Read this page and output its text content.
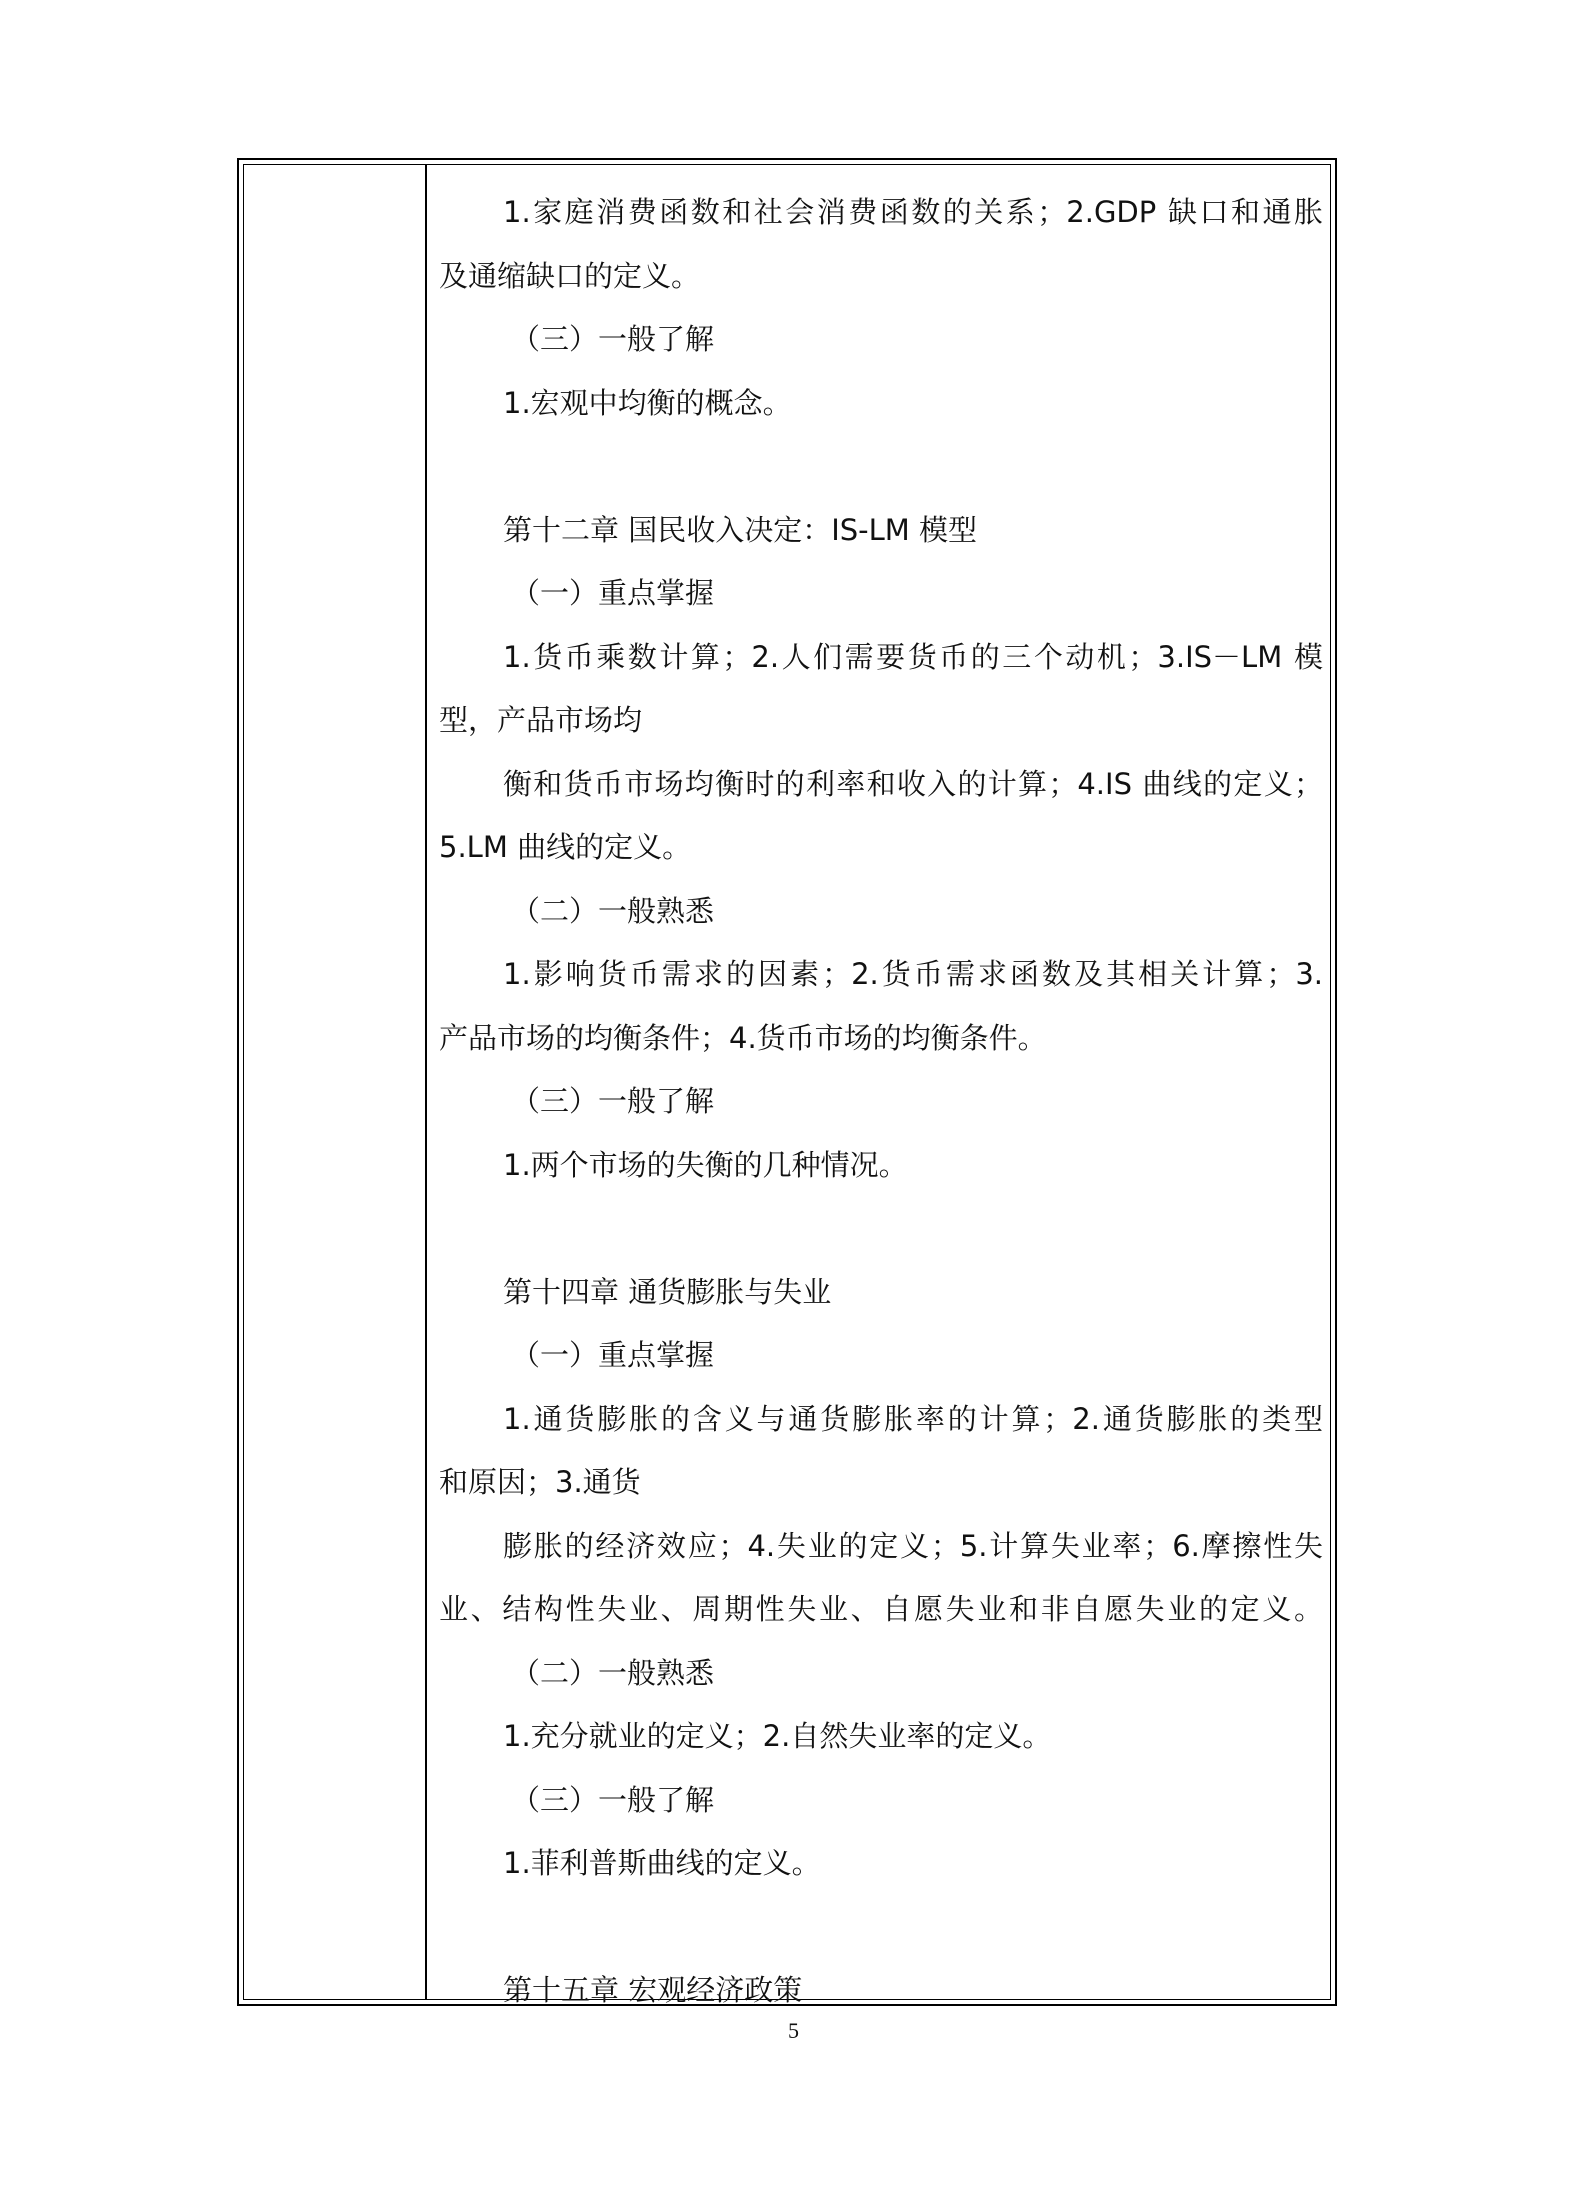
1.家庭消费函数和社会消费函数的关系；2.GDP 缺口和通胀
及通缩缺口的定义。
（三）一般了解
1.宏观中均衡的概念。
第十二章 国民收入决定：IS-LM 模型
（一）重点掌握
1.货币乘数计算；2.人们需要货币的三个动机；3.IS－LM 模
型，产品市场均
衡和货币市场均衡时的利率和收入的计算；4.IS 曲线的定义；
5.LM 曲线的定义。
（二）一般熟悉
1.影响货币需求的因素；2.货币需求函数及其相关计算；3.
产品市场的均衡条件；4.货币市场的均衡条件。
（三）一般了解
1.两个市场的失衡的几种情况。
第十四章 通货膨胀与失业
（一）重点掌握
1.通货膨胀的含义与通货膨胀率的计算；2.通货膨胀的类型
和原因；3.通货
膨胀的经济效应；4.失业的定义；5.计算失业率；6.摩擦性失
业、结构性失业、周期性失业、自愿失业和非自愿失业的定义。
（二）一般熟悉
1.充分就业的定义；2.自然失业率的定义。
（三）一般了解
1.菲利普斯曲线的定义。
第十五章 宏观经济政策
5
